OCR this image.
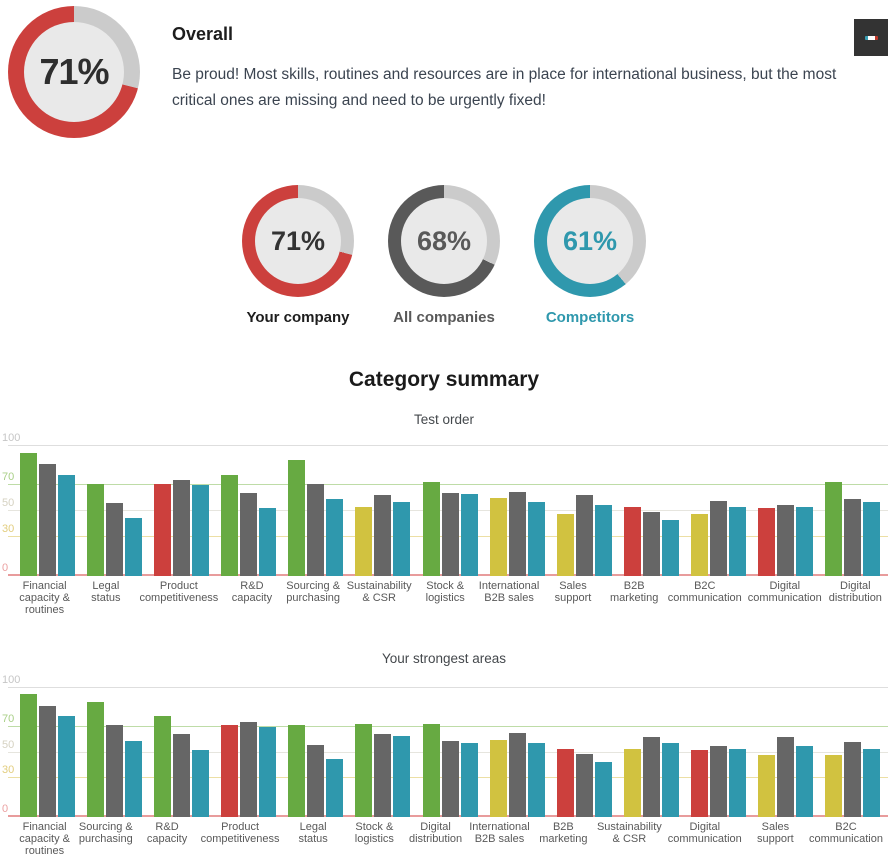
71%
Overall
Be proud! Most skills, routines and resources are in place for international business, but the most critical ones are missing and need to be urgently fixed!
71%
Your company
68%
All companies
61%
Competitors
Category summary
Test order
100
70
50
30
0
Financial capacity & routines
Legal status
Product competitiveness
R&D capacity
Sourcing & purchasing
Sustainability & CSR
Stock & logistics
International B2B sales
Sales support
B2B marketing
B2C communication
Digital communication
Digital distribution
Your strongest areas
100
70
50
30
0
Financial capacity & routines
Sourcing & purchasing
R&D capacity
Product competitiveness
Legal status
Stock & logistics
Digital distribution
International B2B sales
B2B marketing
Sustainability & CSR
Digital communication
Sales support
B2C communication
